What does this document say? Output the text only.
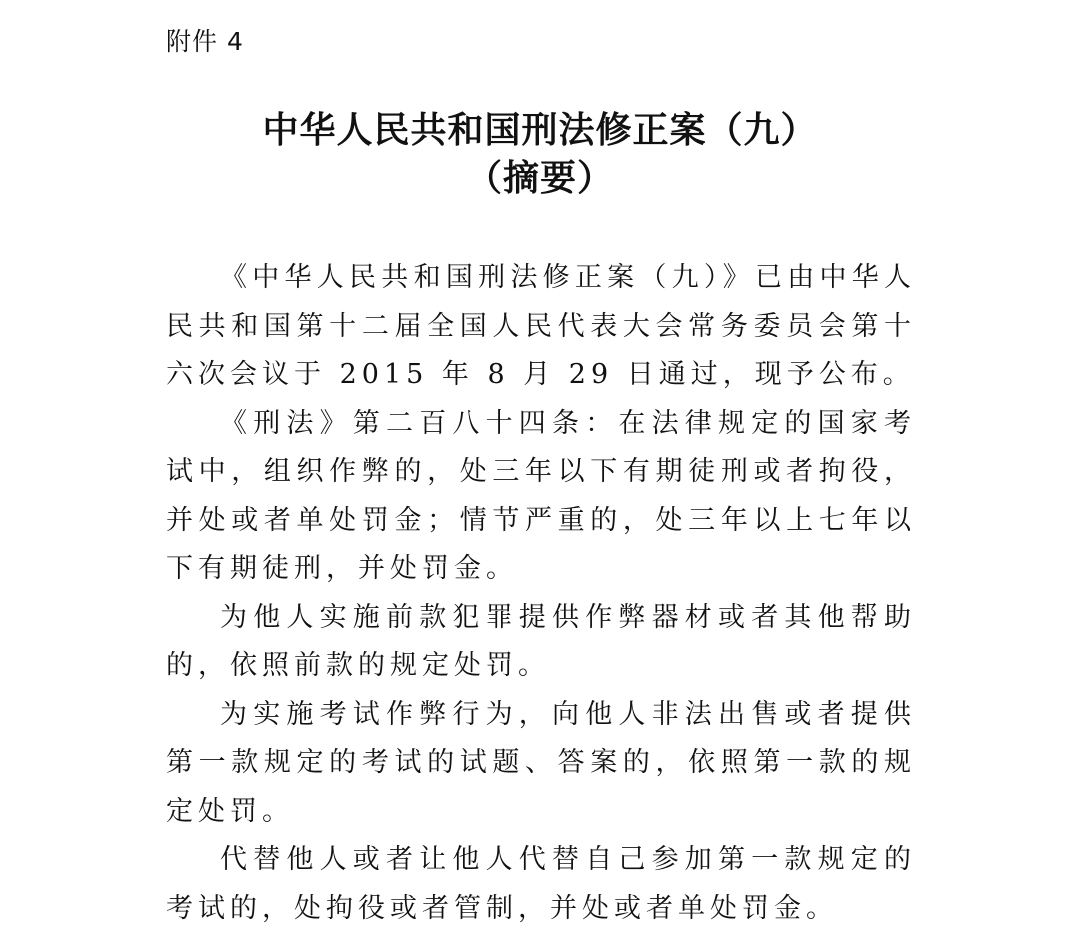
附件 4
中华人民共和国刑法修正案（九）
（摘要）

《中华人民共和国刑法修正案（九）》已由中华人民共和国第十二届全国人民代表大会常务委员会第十六次会议于 2015 年 8 月 29 日通过，现予公布。

《刑法》第二百八十四条：在法律规定的国家考试中，组织作弊的，处三年以下有期徒刑或者拘役，并处或者单处罚金；情节严重的，处三年以上七年以下有期徒刑，并处罚金。

为他人实施前款犯罪提供作弊器材或者其他帮助的，依照前款的规定处罚。

为实施考试作弊行为，向他人非法出售或者提供第一款规定的考试的试题、答案的，依照第一款的规定处罚。

代替他人或者让他人代替自己参加第一款规定的考试的，处拘役或者管制，并处或者单处罚金。
